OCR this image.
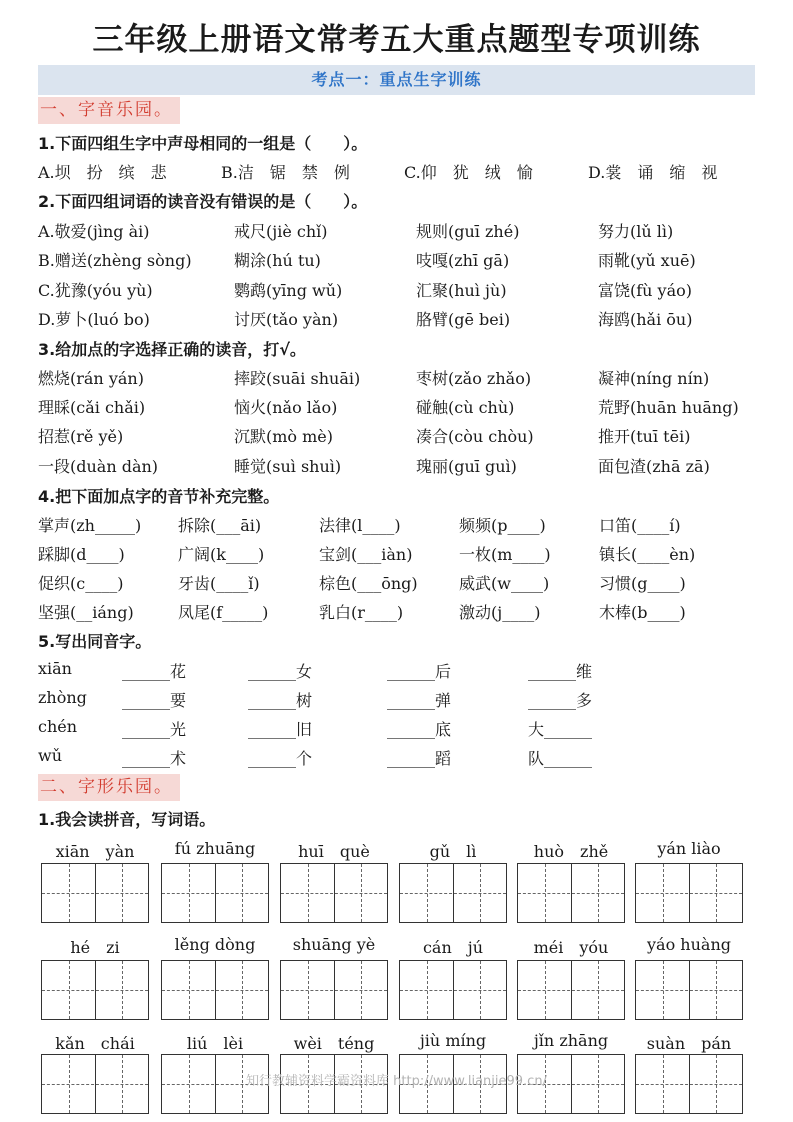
三年级上册语文常考五大重点题型专项训练
考点一：重点生字训练
一、字音乐园。
1.下面四组生字中声母相同的一组是（　　）。
A.坝　扮　缤　悲	B.洁　锯　禁　例	C.仰　犹　绒　愉	D.裳　诵　缩　视
2.下面四组词语的读音没有错误的是（　　）。
A.敬爱(jìng ài)	戒尺(jiè chǐ)	规则(guī zhé)	努力(lǔ lì)
B.赠送(zhèng sòng)	糊涂(hú tu)	吱嘎(zhī gā)	雨靴(yǔ xuē)
C.犹豫(yóu yù)	鹦鹉(yīng wǔ)	汇聚(huì jù)	富饶(fù yáo)
D.萝卜(luó bo)	讨厌(tǎo yàn)	胳臂(gē bei)	海鸥(hǎi ōu)
3.给加点的字选择正确的读音，打√。
燃烧(rán yán)	摔跤(suāi shuāi)	枣树(zǎo zhǎo)	凝神(níng nín)
理睬(cǎi chǎi)	恼火(nǎo lǎo)	碰触(cù chù)	荒野(huān huāng)
招惹(rě yě)	沉默(mò mè)	凑合(còu chòu)	推开(tuī tēi)
一段(duàn dàn)	睡觉(suì shuì)	瑰丽(guī guì)	面包渣(zhā zā)
4.把下面加点字的音节补充完整。
掌声(zh_____) 拆除(___āi)	法律(l____)	频频(p____)	口笛(____í)
踩脚(d____)	广阔(k____)	宝剑(___iàn)	一枚(m____)	镇长(____èn)
促织(c____)	牙齿(____ǐ)	棕色(___ōng)	威武(w____)	习惯(g____)
坚强(__iáng)	凤尾(f_____)	乳白(r____)	激动(j____)	木棒(b____)
5.写出同音字。
xiān	______花	______女	______后	______维
zhòng ______要	______树	______弹	______多
chén	______光	______旧	______底	大______
wǔ	______术	______个	______蹈	队______
二、字形乐园。
1.我会读拼音，写词语。
xiān　yàn	fú zhuāng	huī　què	gǔ　lì	huò　zhě	yán liào
hé　zi	lěng dòng	shuāng yè	cán　jú	méi　yóu	yáo huàng
kǎn　chái	liú　lèi	wèi　téng	jiù míng	jǐn zhāng	suàn　pán
知行教辅资料学霸资料库 http://www.lianjie99.cn/
